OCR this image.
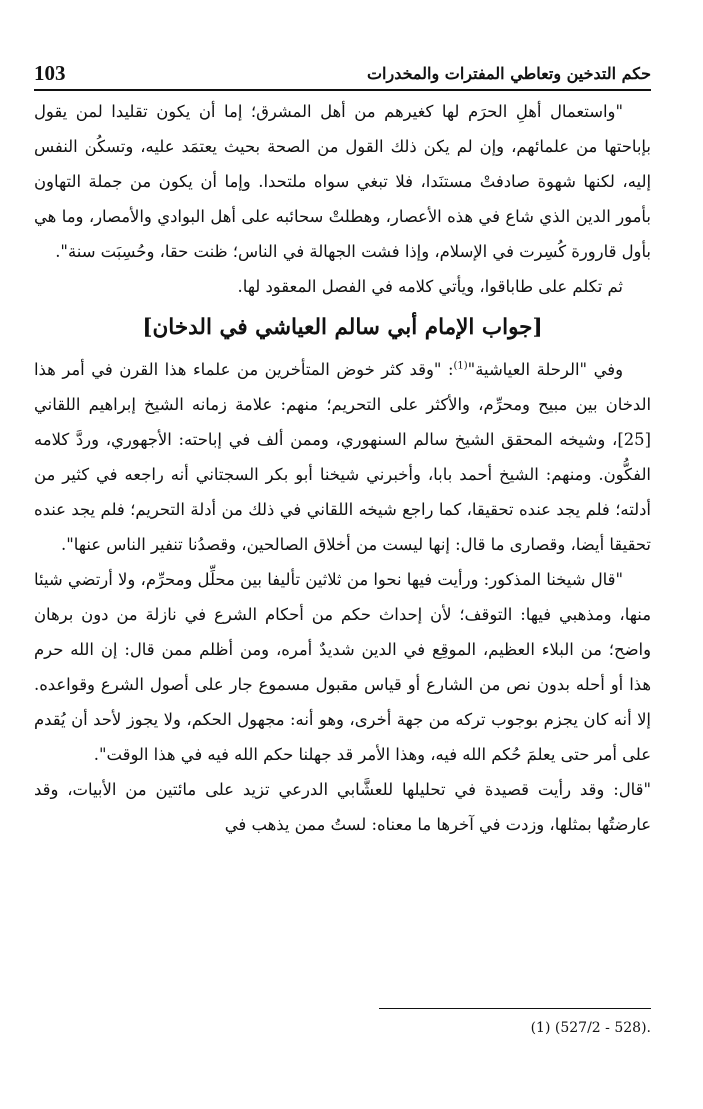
103	حكم التدخين وتعاطي المفترات والمخدرات

"واستعمال أهلِ الحرَم لها كغيرهم من أهل المشرق؛ إما أن يكون تقليدا لمن يقول بإباحتها من علمائهم، وإن لم يكن ذلك القول من الصحة بحيث يعتمَد عليه، وتسكُن النفس إليه، لكنها شهوة صادفتْ مستنَدا، فلا تبغي سواه ملتحدا. وإما أن يكون من جملة التهاون بأمور الدين الذي شاع في هذه الأعصار، وهطلتْ سحائبه على أهل البوادي والأمصار، وما هي بأول قارورة كُسِرت في الإسلام، وإذا فشت الجهالة في الناس؛ ظنت حقا، وحُسِبَت سنة".

ثم تكلم على طاباقوا، ويأتي كلامه في الفصل المعقود لها.

[جواب الإمام أبي سالم العياشي في الدخان]

وفي "الرحلة العياشية"$^{(1)}$: "وقد كثر خوض المتأخرين من علماء هذا القرن في أمر هذا الدخان بين مبيح ومحرِّم، والأكثر على التحريم؛ منهم: علامة زمانه الشيخ إبراهيم اللقاني [25]، وشيخه المحقق الشيخ سالم السنهوري، وممن ألف في إباحته: الأجهوري، وردَّ كلامه الفكُّون. ومنهم: الشيخ أحمد بابا، وأخبرني شيخنا أبو بكر السجتاني أنه راجعه في كثير من أدلته؛ فلم يجد عنده تحقيقا، كما راجع شيخه اللقاني في ذلك من أدلة التحريم؛ فلم يجد عنده تحقيقا أيضا، وقصارى ما قال: إنها ليست من أخلاق الصالحين، وقصدُنا تنفير الناس عنها".

"قال شيخنا المذكور: ورأيت فيها نحوا من ثلاثين تأليفا بين محلِّل ومحرِّم، ولا أرتضي شيئا منها، ومذهبي فيها: التوقف؛ لأن إحداث حكم من أحكام الشرع في نازلة من دون برهان واضح؛ من البلاء العظيم، الموقِع في الدين شديدٌ أمره، ومن أظلم ممن قال: إن الله حرم هذا أو أحله بدون نص من الشارع أو قياس مقبول مسموع جار على أصول الشرع وقواعده. إلا أنه كان يجزم بوجوب تركه من جهة أخرى، وهو أنه: مجهول الحكم، ولا يجوز لأحد أن يُقدم على أمر حتى يعلمَ حُكم الله فيه، وهذا الأمر قد جهلنا حكم الله فيه في هذا الوقت".

"قال: وقد رأيت قصيدة في تحليلها للعشَّابي الدرعي تزيد على مائتين من الأبيات، وقد عارضتُها بمثلها، وزدت في آخرها ما معناه: لستُ ممن يذهب في

.(528 - 527/2) (1)
